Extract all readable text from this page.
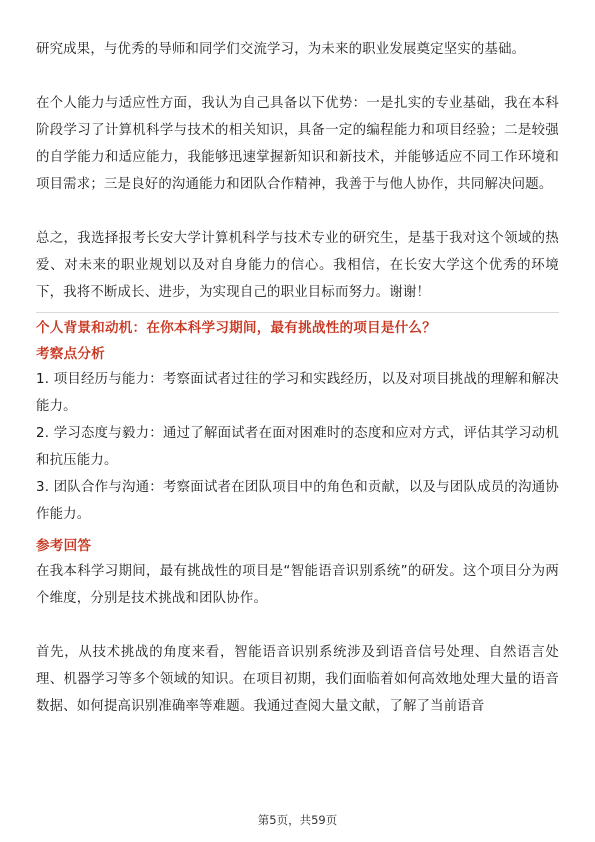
研究成果，与优秀的导师和同学们交流学习，为未来的职业发展奠定坚实的基础。

在个人能力与适应性方面，我认为自己具备以下优势：一是扎实的专业基础，我在本科阶段学习了计算机科学与技术的相关知识，具备一定的编程能力和项目经验；二是较强的自学能力和适应能力，我能够迅速掌握新知识和新技术，并能够适应不同工作环境和项目需求；三是良好的沟通能力和团队合作精神，我善于与他人协作，共同解决问题。

总之，我选择报考长安大学计算机科学与技术专业的研究生，是基于我对这个领域的热爱、对未来的职业规划以及对自身能力的信心。我相信，在长安大学这个优秀的环境下，我将不断成长、进步，为实现自己的职业目标而努力。谢谢！

个人背景和动机：在你本科学习期间，最有挑战性的项目是什么？
考察点分析

1. 项目经历与能力：考察面试者过往的学习和实践经历，以及对项目挑战的理解和解决能力。

2. 学习态度与毅力：通过了解面试者在面对困难时的态度和应对方式，评估其学习动机和抗压能力。

3. 团队合作与沟通：考察面试者在团队项目中的角色和贡献，以及与团队成员的沟通协作能力。

参考回答

在我本科学习期间，最有挑战性的项目是“智能语音识别系统”的研发。这个项目分为两个维度，分别是技术挑战和团队协作。

首先，从技术挑战的角度来看，智能语音识别系统涉及到语音信号处理、自然语言处理、机器学习等多个领域的知识。在项目初期，我们面临着如何高效地处理大量的语音数据、如何提高识别准确率等难题。我通过查阅大量文献，了解了当前语音

第5页，共59页
